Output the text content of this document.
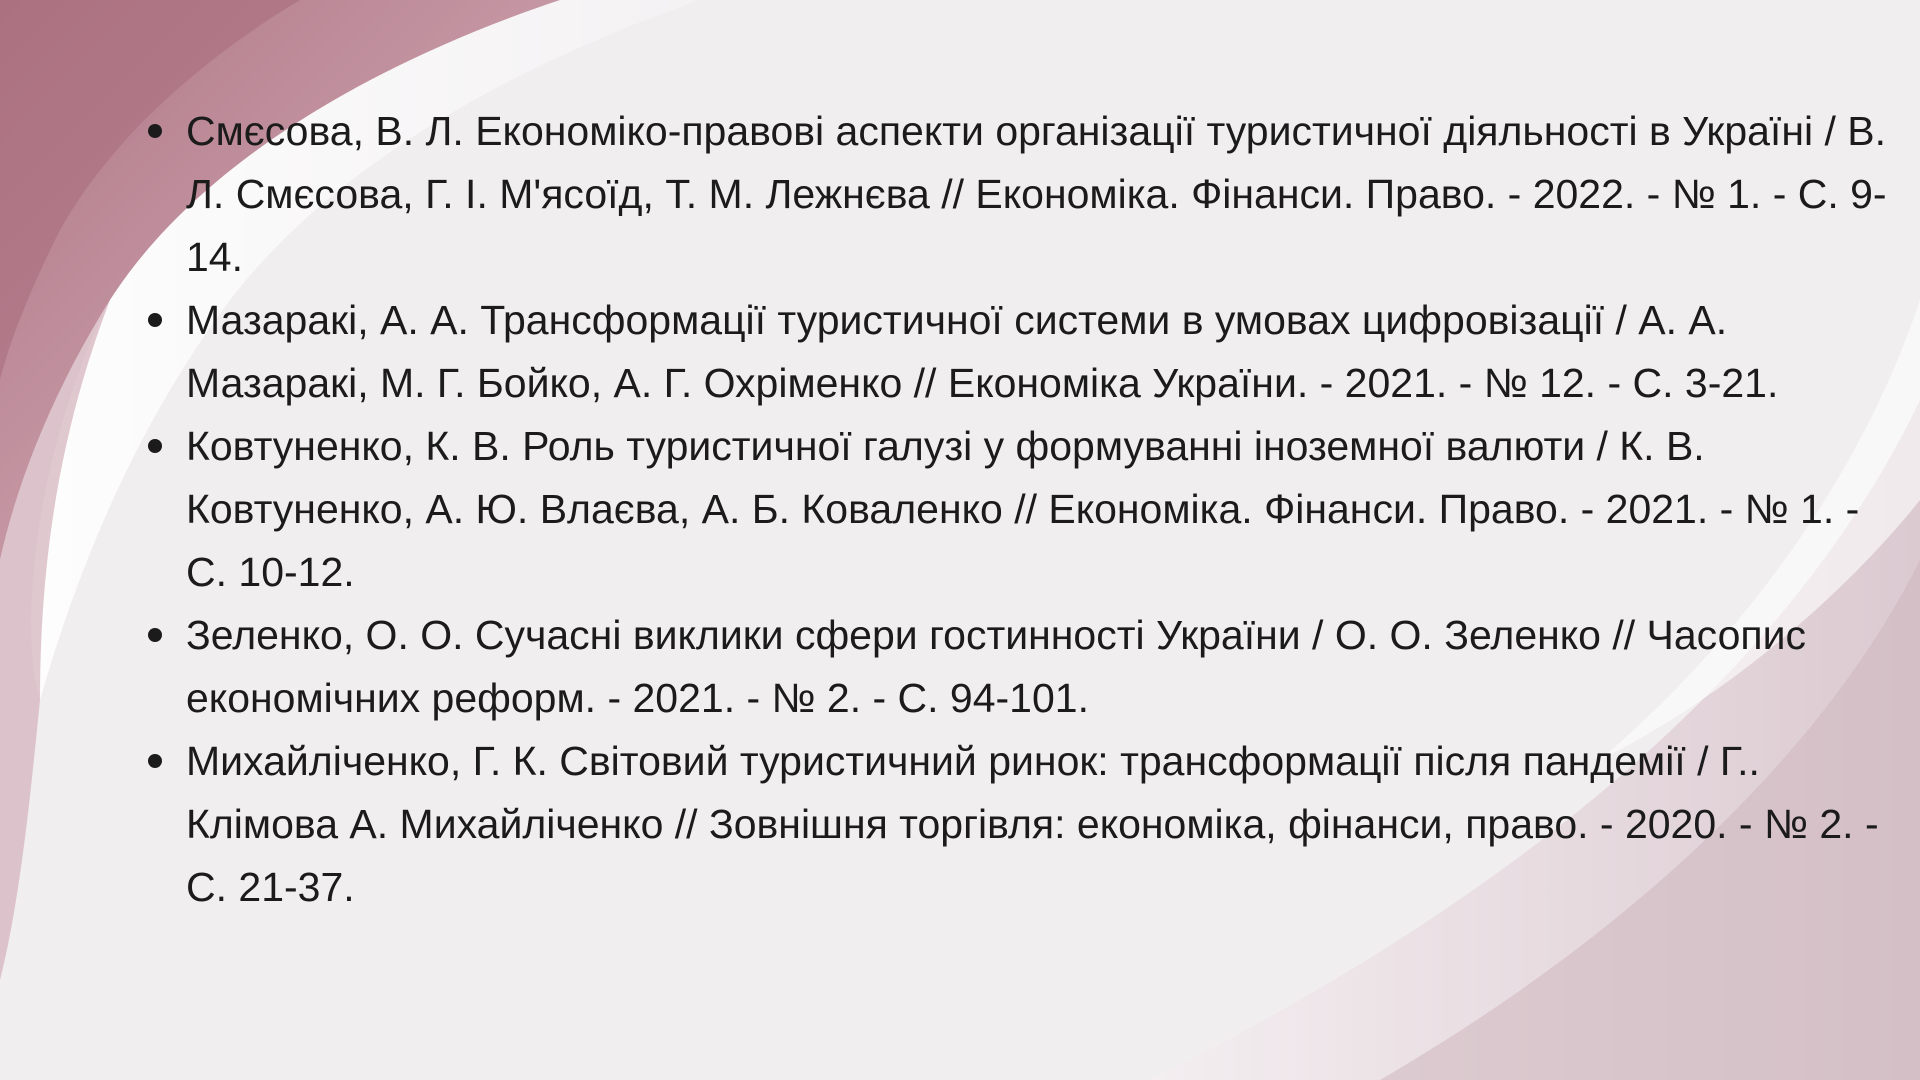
Смєсова, В. Л. Економіко-правові аспекти організації туристичної діяльності в Україні / В. Л. Смєсова, Г. І. М'ясоїд, Т. М. Лежнєва // Економіка. Фінанси. Право. - 2022. - № 1. - С. 9-14.
Мазаракі, А. А. Трансформації туристичної системи в умовах цифровізації / А. А. Мазаракі, М. Г. Бойко, А. Г. Охріменко // Економіка України. - 2021. - № 12. - С. 3-21.
Ковтуненко, К. В. Роль туристичної галузі у формуванні іноземної валюти / К. В. Ковтуненко, А. Ю. Влаєва, А. Б. Коваленко // Економіка. Фінанси. Право. - 2021. - № 1. - С. 10-12.
Зеленко, О. О. Сучасні виклики сфери гостинності України / О. О. Зеленко // Часопис економічних реформ. - 2021. - № 2. - С. 94-101.
Михайліченко, Г. К. Світовий туристичний ринок: трансформації після пандемії / Г.. Клімова А. Михайліченко // Зовнішня торгівля: економіка, фінанси, право. - 2020. - № 2. - С. 21-37.
